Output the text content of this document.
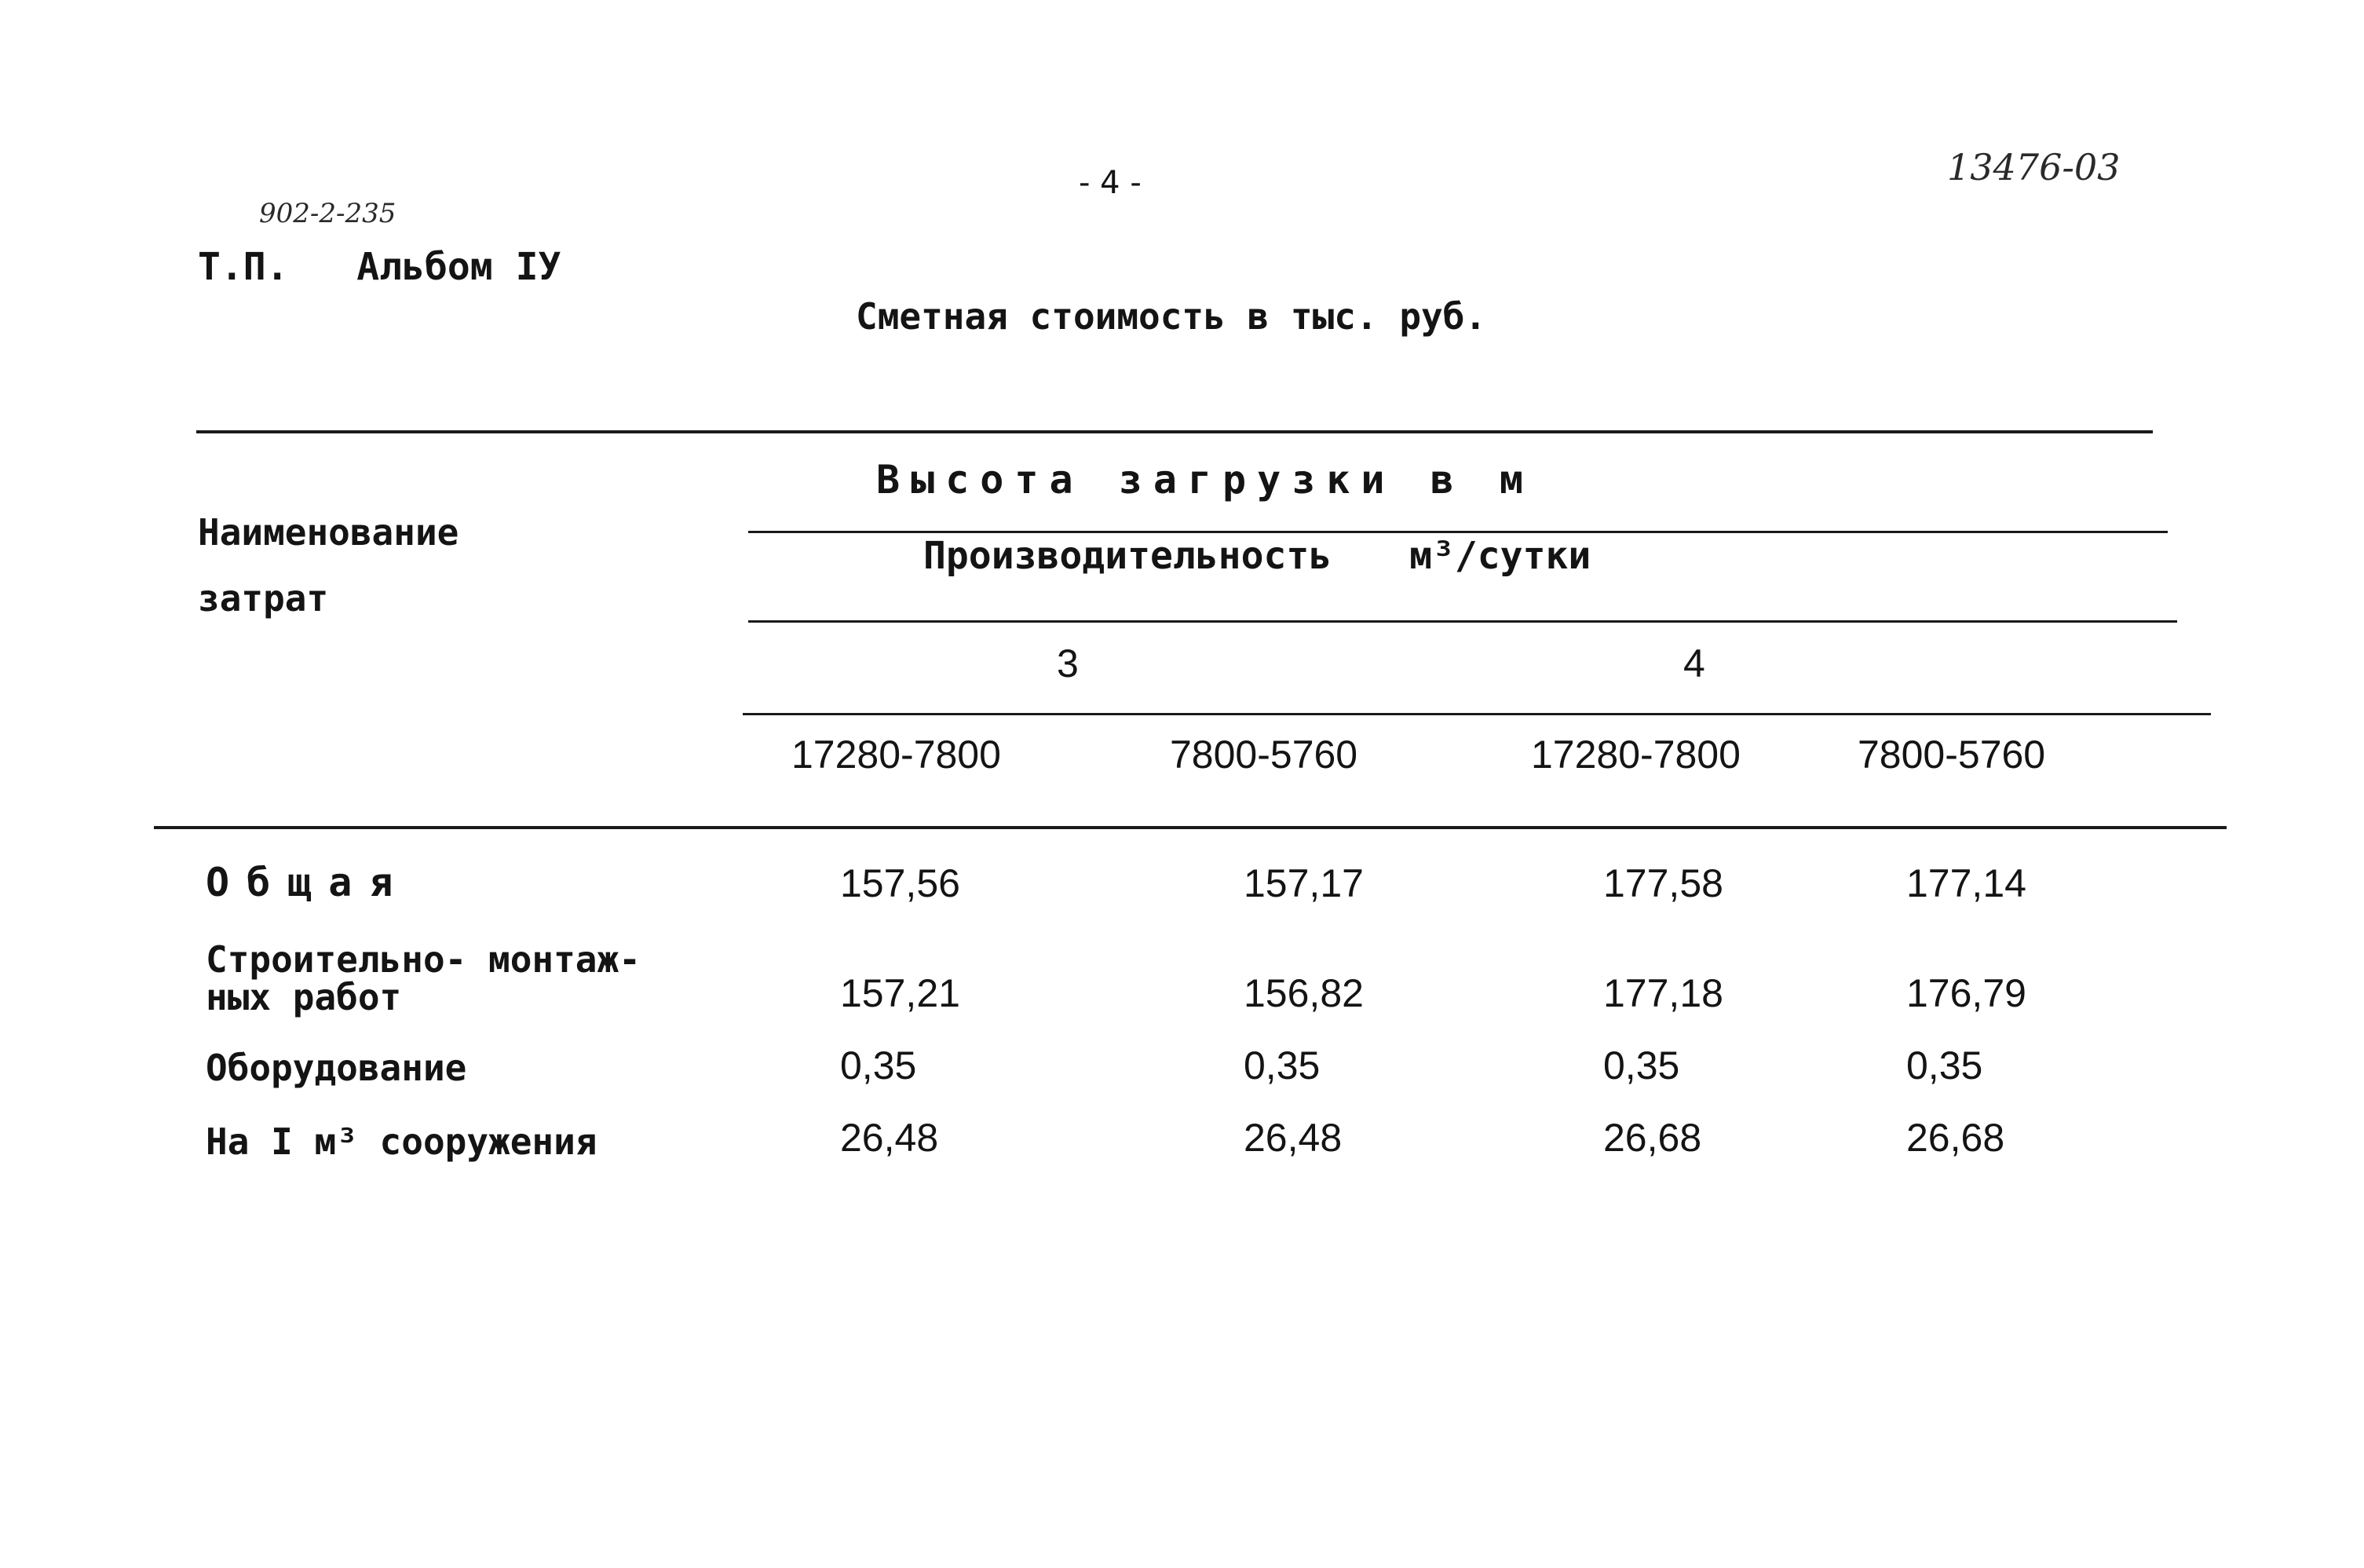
902-2-235
Т.П.   Альбом IУ
- 4 -	13476-03
Сметная стоимость в тыс. руб.
Наименование затрат
Высота загрузки в м
Производительность м³/сутки
3	4
17280-7800	7800-5760	17280-7800	7800-5760
Общая	157,56	157,17	177,58	177,14
Строительно- монтаж-
ных работ	157,21	156,82	177,18	176,79
Оборудование	0,35	0,35	0,35	0,35
На I м³ сооружения	26,48	26,48	26,68	26,68
